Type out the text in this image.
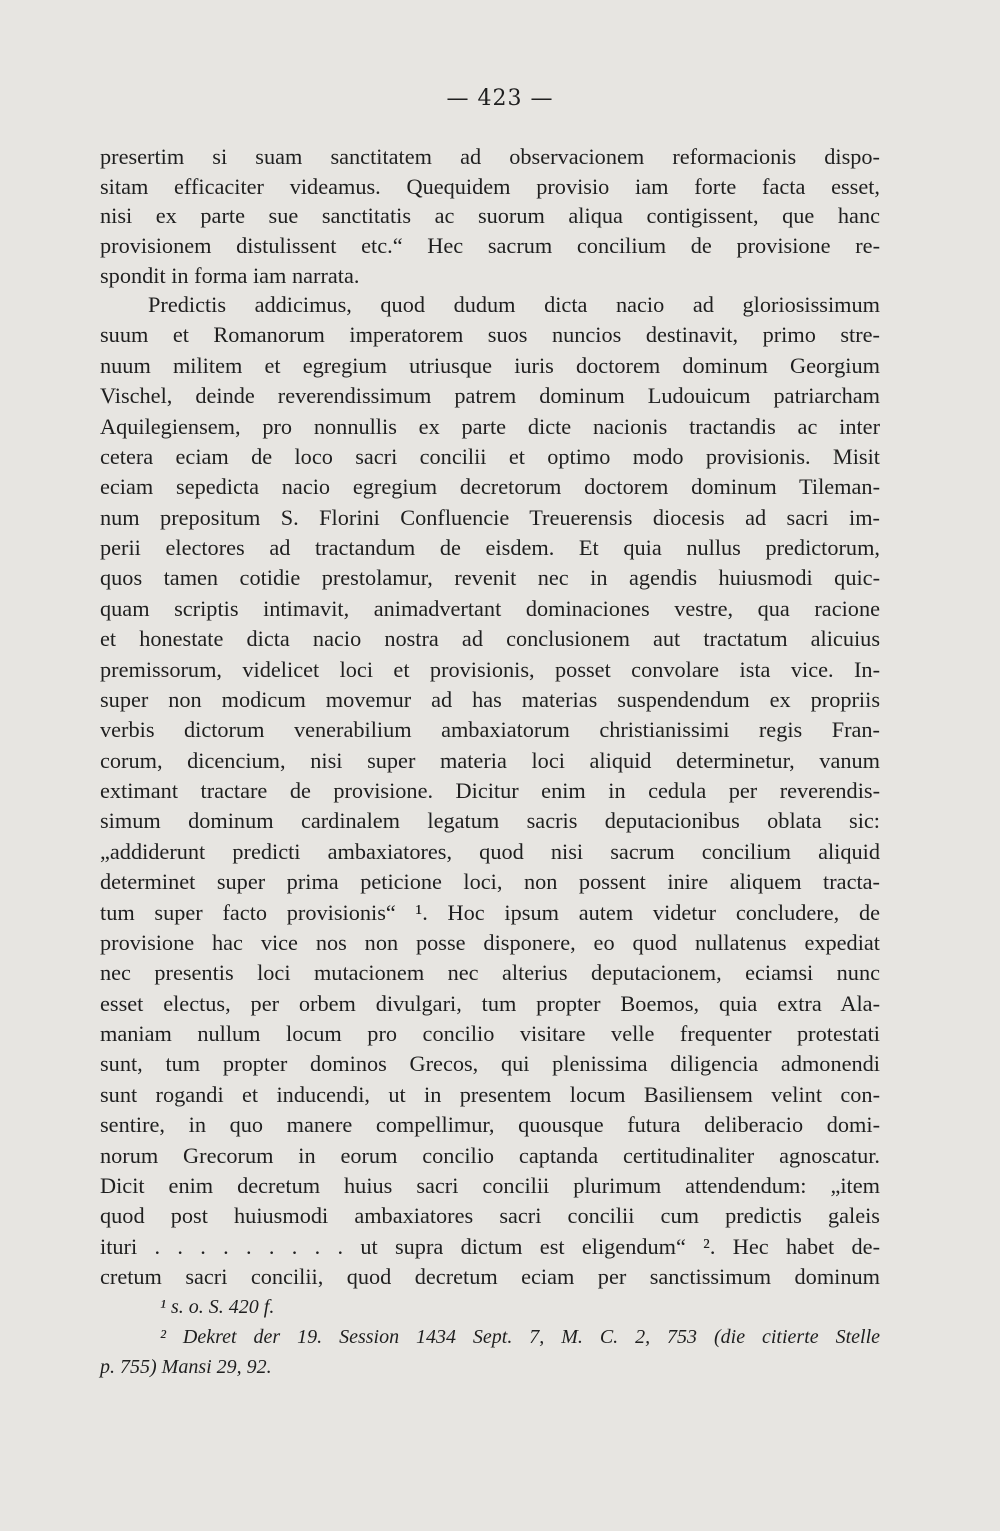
— 423 —
presertim si suam sanctitatem ad observacionem reformacionis dispo-
sitam efficaciter videamus. Quequidem provisio iam forte facta esset,
nisi ex parte sue sanctitatis ac suorum aliqua contigissent, que hanc
provisionem distulissent etc.“ Hec sacrum concilium de provisione re-
spondit in forma iam narrata.
Predictis addicimus, quod dudum dicta nacio ad gloriosissimum
suum et Romanorum imperatorem suos nuncios destinavit, primo stre-
nuum militem et egregium utriusque iuris doctorem dominum Georgium
Vischel, deinde reverendissimum patrem dominum Ludouicum patriarcham
Aquilegiensem, pro nonnullis ex parte dicte nacionis tractandis ac inter
cetera eciam de loco sacri concilii et optimo modo provisionis. Misit
eciam sepedicta nacio egregium decretorum doctorem dominum Tileman-
num prepositum S. Florini Confluencie Treuerensis diocesis ad sacri im-
perii electores ad tractandum de eisdem. Et quia nullus predictorum,
quos tamen cotidie prestolamur, revenit nec in agendis huiusmodi quic-
quam scriptis intimavit, animadvertant dominaciones vestre, qua racione
et honestate dicta nacio nostra ad conclusionem aut tractatum alicuius
premissorum, videlicet loci et provisionis, posset convolare ista vice. In-
super non modicum movemur ad has materias suspendendum ex propriis
verbis dictorum venerabilium ambaxiatorum christianissimi regis Fran-
corum, dicencium, nisi super materia loci aliquid determinetur, vanum
extimant tractare de provisione. Dicitur enim in cedula per reverendis-
simum dominum cardinalem legatum sacris deputacionibus oblata sic:
„addiderunt predicti ambaxiatores, quod nisi sacrum concilium aliquid
determinet super prima peticione loci, non possent inire aliquem tracta-
tum super facto provisionis“ ¹. Hoc ipsum autem videtur concludere, de
provisione hac vice nos non posse disponere, eo quod nullatenus expediat
nec presentis loci mutacionem nec alterius deputacionem, eciamsi nunc
esset electus, per orbem divulgari, tum propter Boemos, quia extra Ala-
maniam nullum locum pro concilio visitare velle frequenter protestati
sunt, tum propter dominos Grecos, qui plenissima diligencia admonendi
sunt rogandi et inducendi, ut in presentem locum Basiliensem velint con-
sentire, in quo manere compellimur, quousque futura deliberacio domi-
norum Grecorum in eorum concilio captanda certitudinaliter agnoscatur.
Dicit enim decretum huius sacri concilii plurimum attendendum: „item
quod post huiusmodi ambaxiatores sacri concilii cum predictis galeis
ituri . . . . . . . . . ut supra dictum est eligendum“ ². Hec habet de-
cretum sacri concilii, quod decretum eciam per sanctissimum dominum
¹ s. o. S. 420 f.
² Dekret der 19. Session 1434 Sept. 7, M. C. 2, 753 (die citierte Stelle
p. 755) Mansi 29, 92.
